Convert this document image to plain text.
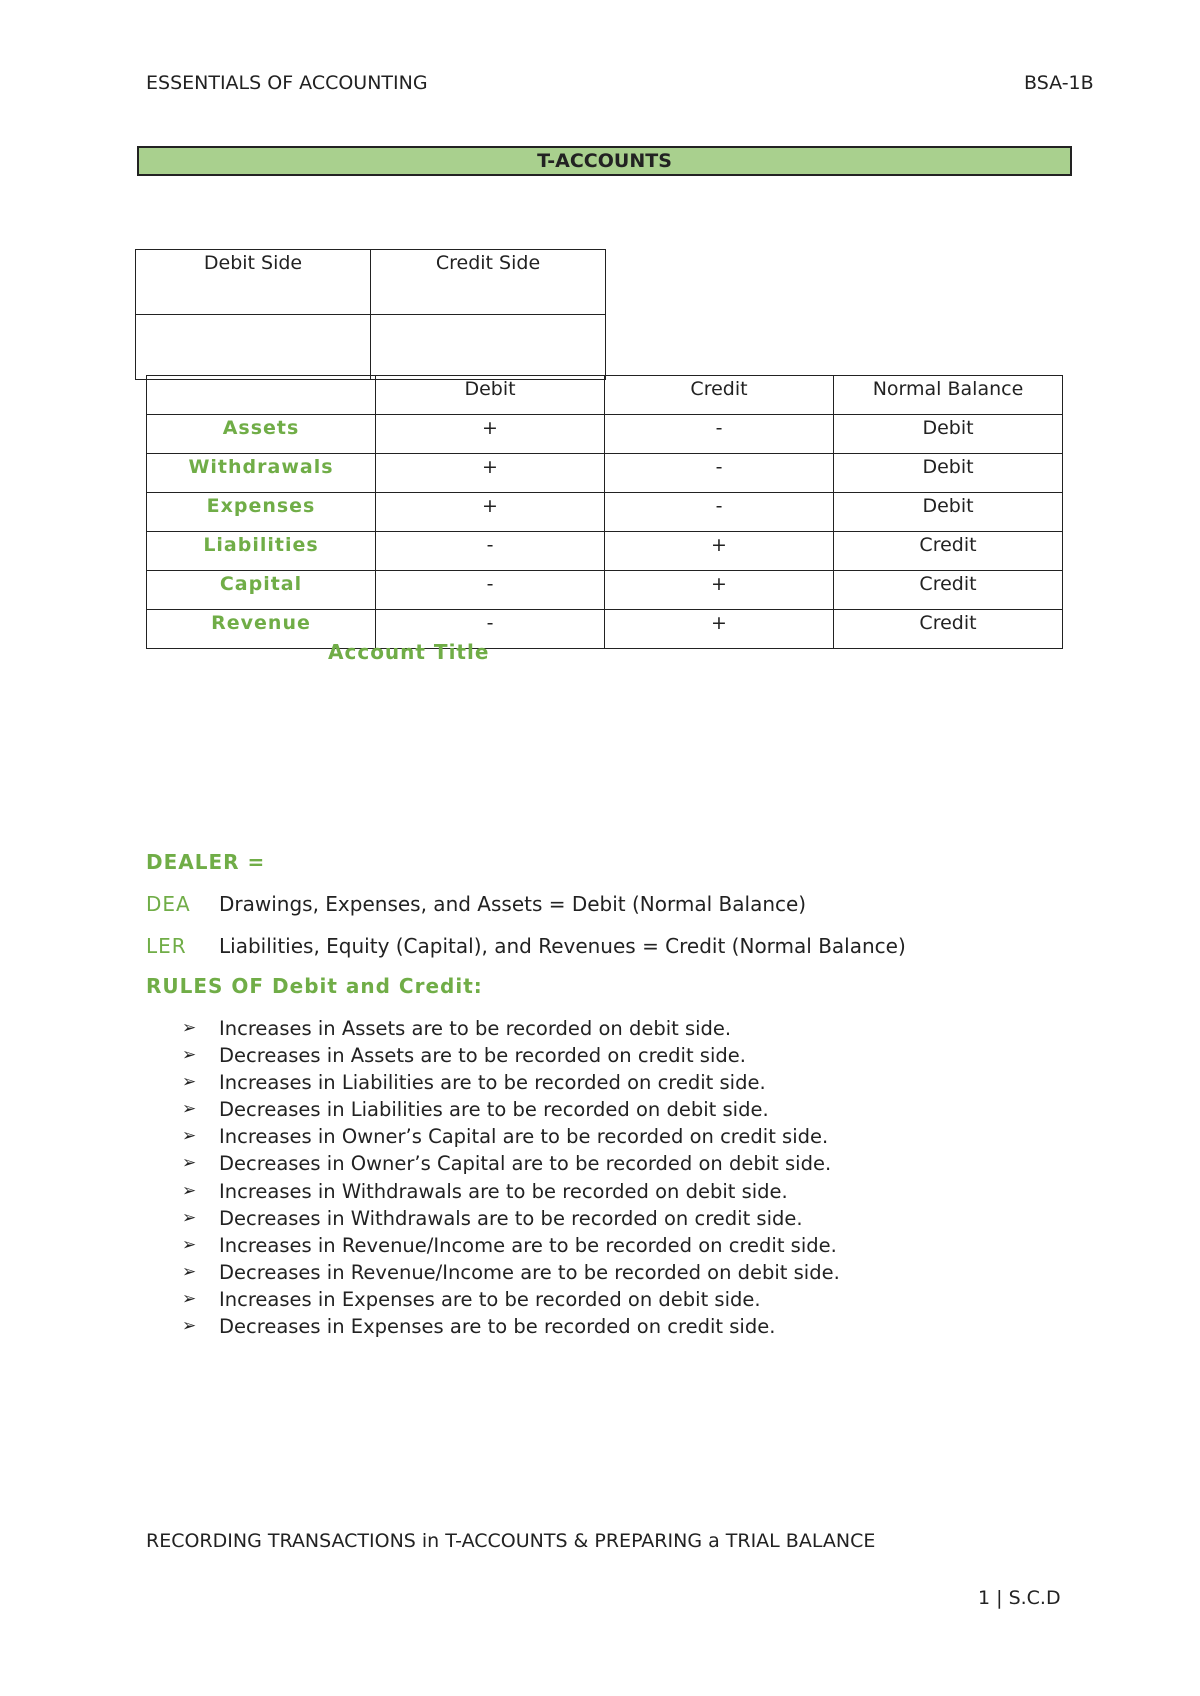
ESSENTIALS OF ACCOUNTING	BSA-1B
T-ACCOUNTS
Debit Side	Credit Side

	Debit	Credit	Normal Balance
Assets	+	-	Debit
Withdrawals	+	-	Debit
Expenses	+	-	Debit
Liabilities	-	+	Credit
Capital	-	+	Credit
Revenue	-	+	Credit
Account Title
DEALER =
DEA Drawings, Expenses, and Assets = Debit (Normal Balance)
LER Liabilities, Equity (Capital), and Revenues = Credit (Normal Balance)
RULES OF Debit and Credit:
➢ Increases in Assets are to be recorded on debit side.
➢ Decreases in Assets are to be recorded on credit side.
➢ Increases in Liabilities are to be recorded on credit side.
➢ Decreases in Liabilities are to be recorded on debit side.
➢ Increases in Owner’s Capital are to be recorded on credit side.
➢ Decreases in Owner’s Capital are to be recorded on debit side.
➢ Increases in Withdrawals are to be recorded on debit side.
➢ Decreases in Withdrawals are to be recorded on credit side.
➢ Increases in Revenue/Income are to be recorded on credit side.
➢ Decreases in Revenue/Income are to be recorded on debit side.
➢ Increases in Expenses are to be recorded on debit side.
➢ Decreases in Expenses are to be recorded on credit side.
RECORDING TRANSACTIONS in T-ACCOUNTS & PREPARING a TRIAL BALANCE
1 | S.C.D
